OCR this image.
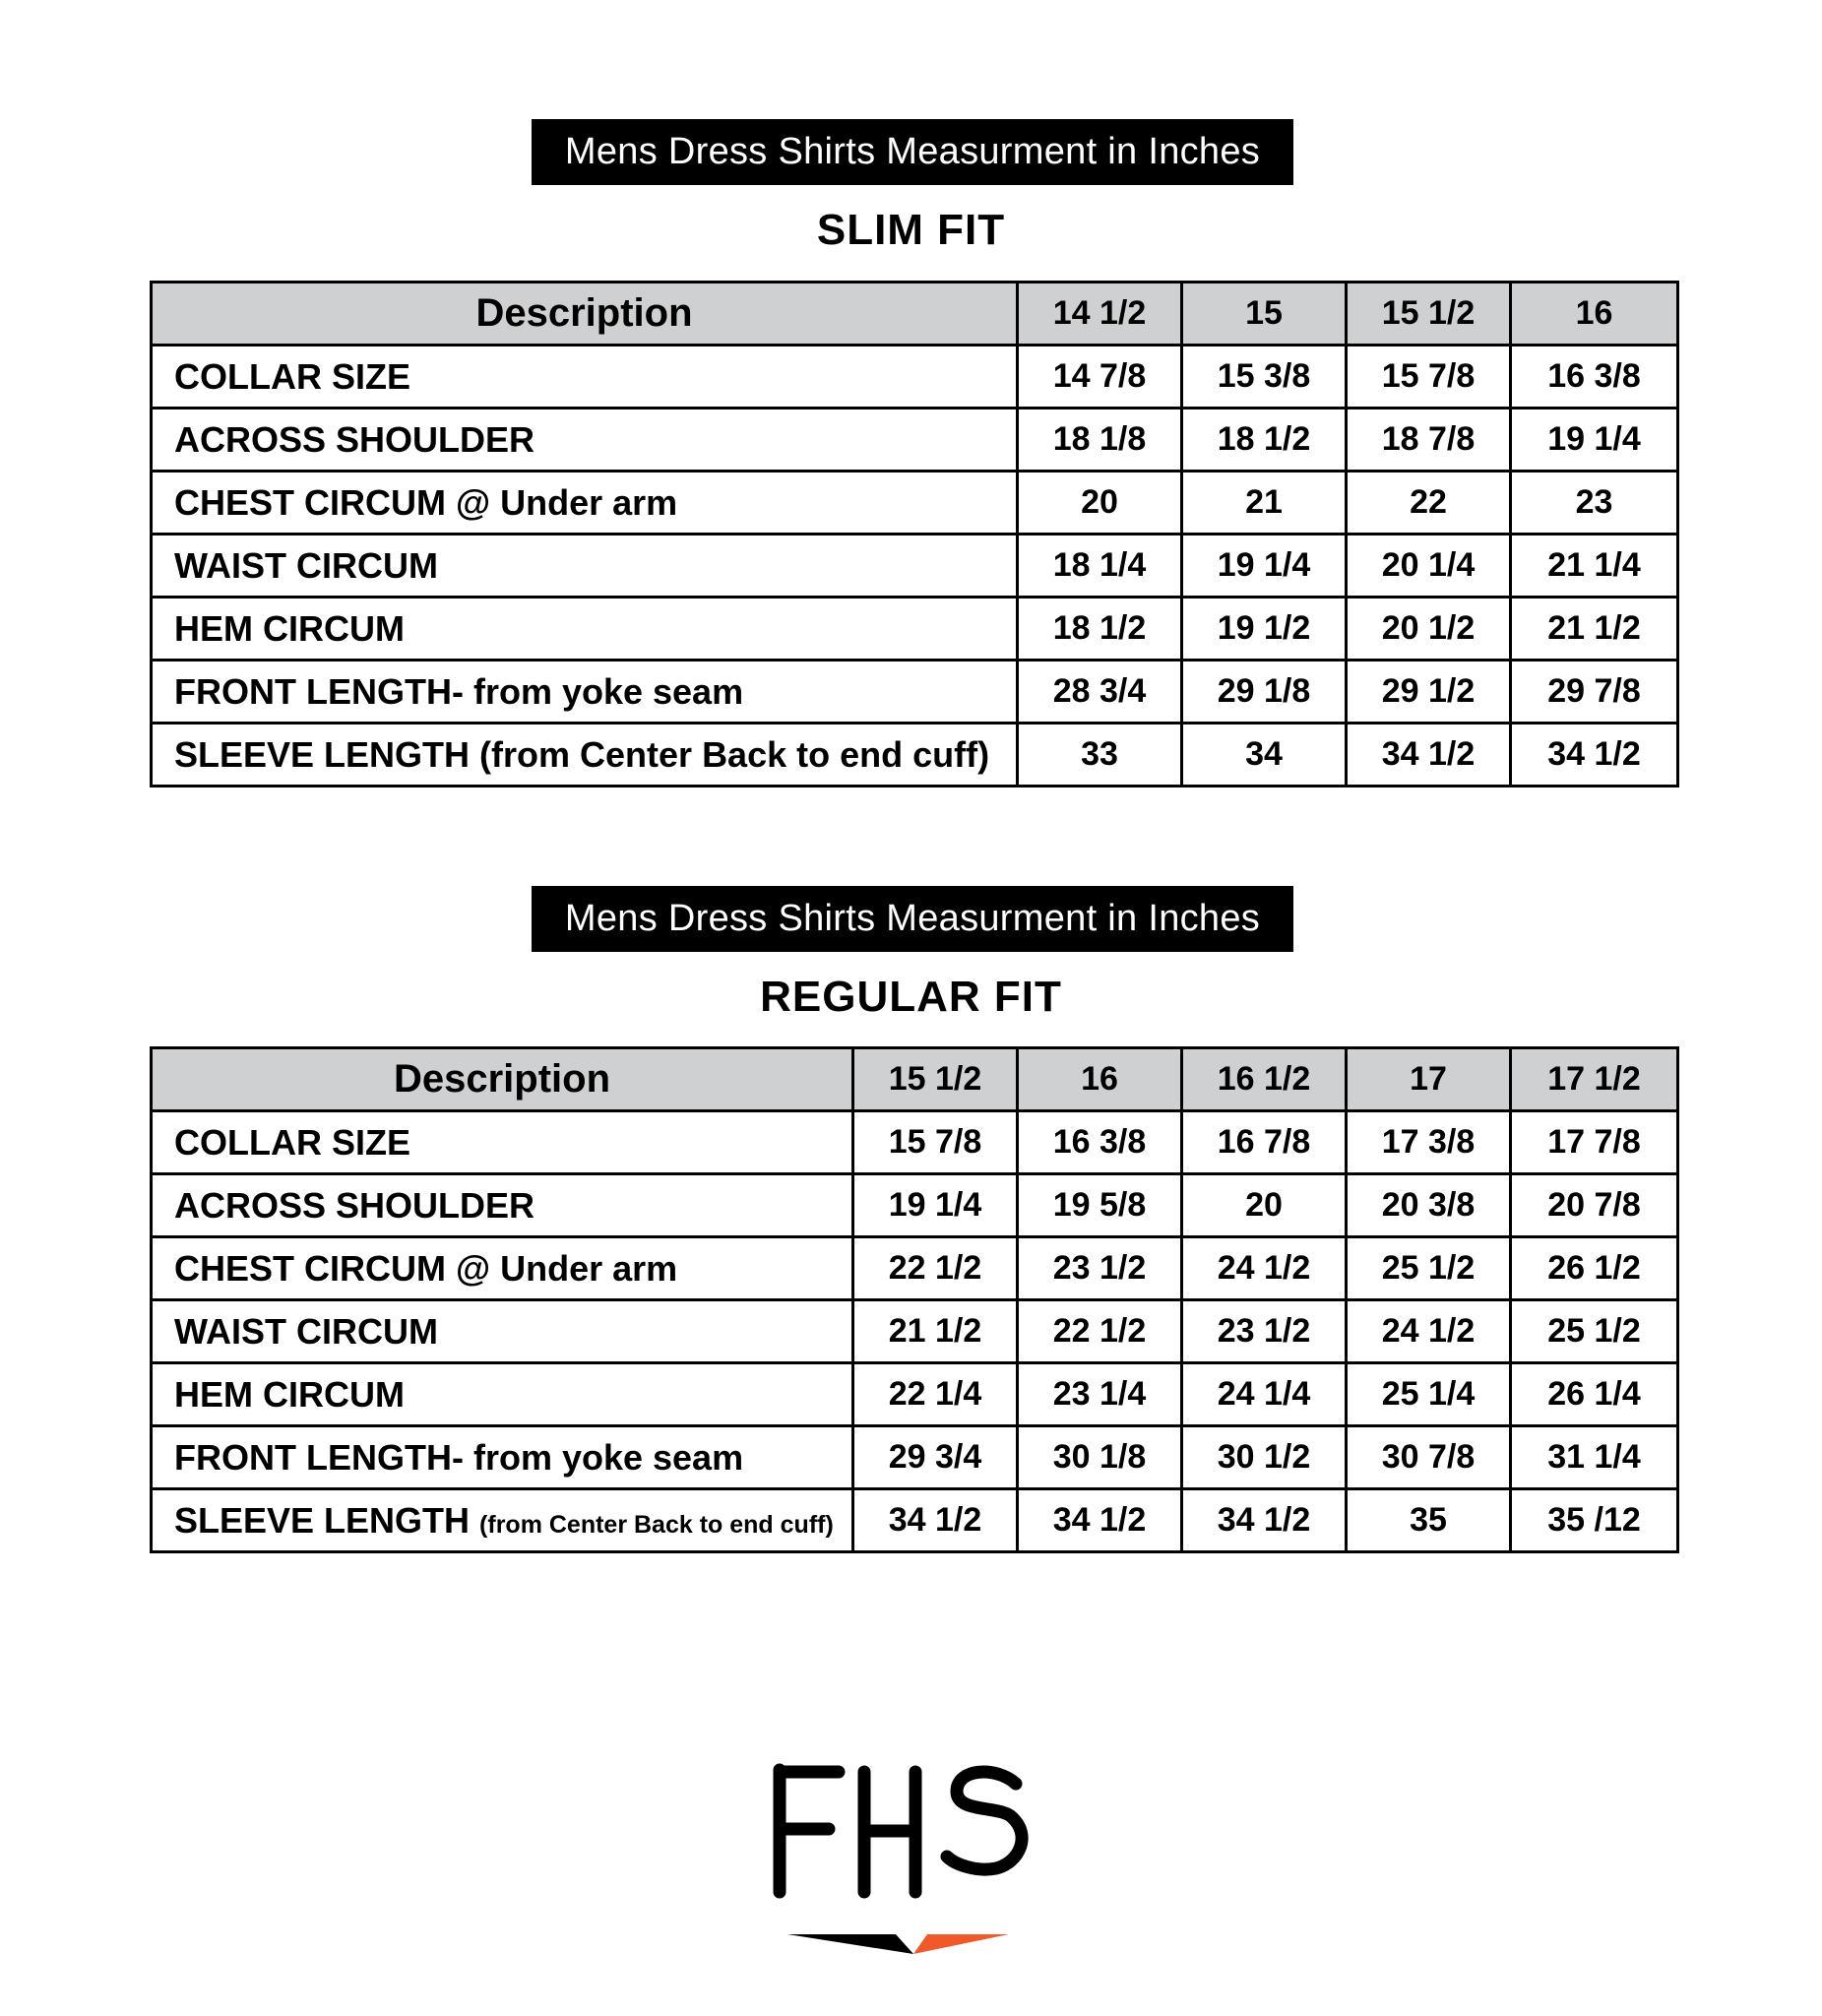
Mens Dress Shirts Measurment in Inches
SLIM FIT
Description	14 1/2	15	15 1/2	16
COLLAR SIZE	14 7/8	15 3/8	15 7/8	16 3/8
ACROSS SHOULDER	18 1/8	18 1/2	18 7/8	19 1/4
CHEST CIRCUM @ Under arm	20	21	22	23
WAIST CIRCUM	18 1/4	19 1/4	20 1/4	21 1/4
HEM CIRCUM	18 1/2	19 1/2	20 1/2	21 1/2
FRONT LENGTH- from yoke seam	28 3/4	29 1/8	29 1/2	29 7/8
SLEEVE LENGTH (from Center Back to end cuff)	33	34	34 1/2	34 1/2
Mens Dress Shirts Measurment in Inches
REGULAR FIT
Description	15 1/2	16	16 1/2	17	17 1/2
COLLAR SIZE	15 7/8	16 3/8	16 7/8	17 3/8	17 7/8
ACROSS SHOULDER	19 1/4	19 5/8	20	20 3/8	20 7/8
CHEST CIRCUM @ Under arm	22 1/2	23 1/2	24 1/2	25 1/2	26 1/2
WAIST CIRCUM	21 1/2	22 1/2	23 1/2	24 1/2	25 1/2
HEM CIRCUM	22 1/4	23 1/4	24 1/4	25 1/4	26 1/4
FRONT LENGTH- from yoke seam	29 3/4	30 1/8	30 1/2	30 7/8	31 1/4
SLEEVE LENGTH (from Center Back to end cuff)	34 1/2	34 1/2	34 1/2	35	35 /12
